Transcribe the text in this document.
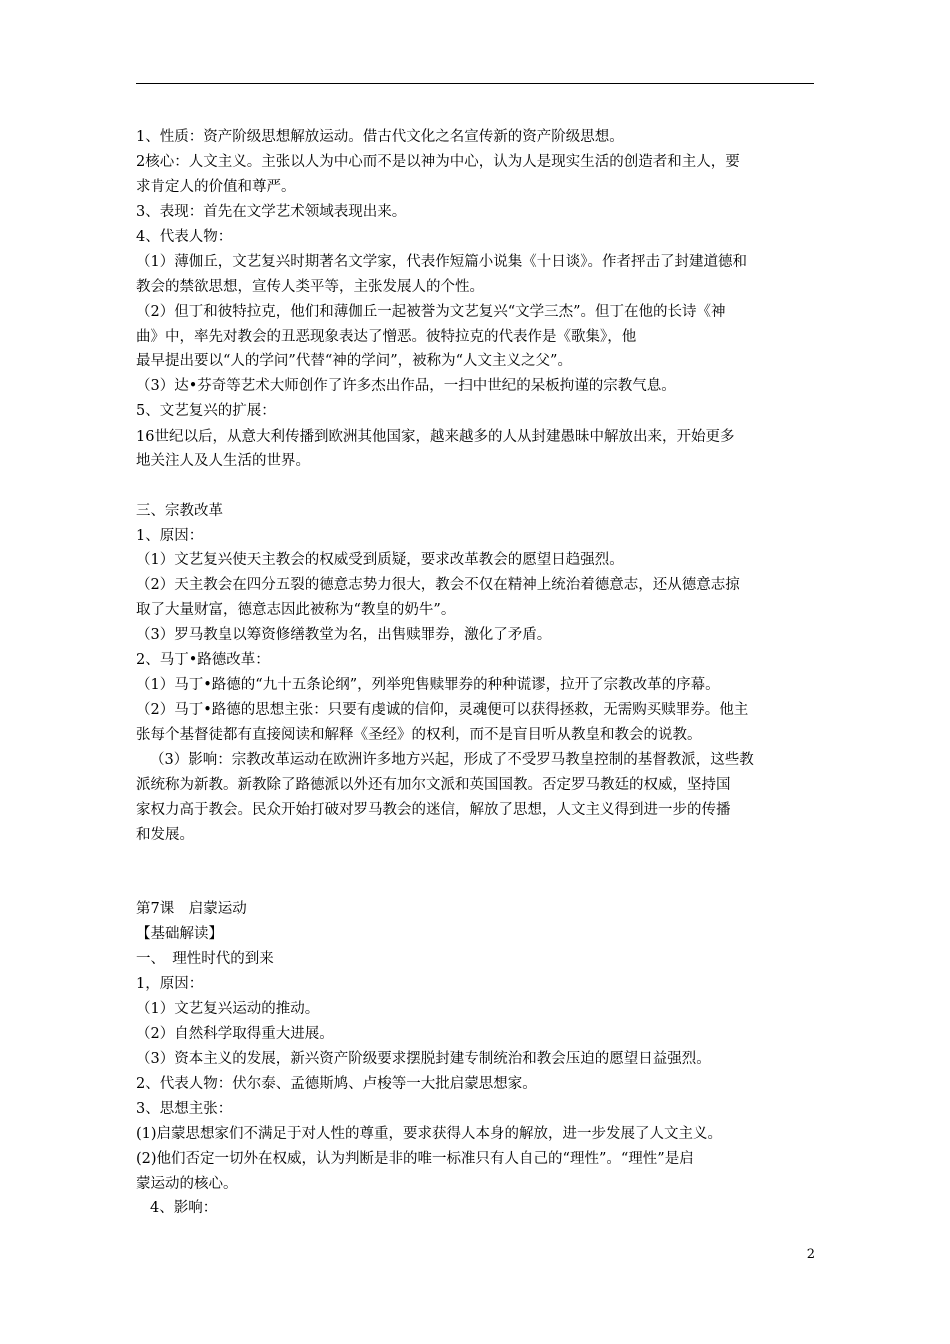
1、性质：资产阶级思想解放运动。借古代文化之名宣传新的资产阶级思想。
2核心：人文主义。主张以人为中心而不是以神为中心，认为人是现实生活的创造者和主人，要
求肯定人的价值和尊严。
3、表现：首先在文学艺术领域表现出来。
4、代表人物：
（1）薄伽丘，文艺复兴时期著名文学家，代表作短篇小说集《十日谈》。作者抨击了封建道德和
教会的禁欲思想，宣传人类平等，主张发展人的个性。
（2）但丁和彼特拉克，他们和薄伽丘一起被誉为文艺复兴“文学三杰”。但丁在他的长诗《神
曲》中，率先对教会的丑恶现象表达了憎恶。彼特拉克的代表作是《歌集》，他
最早提出要以“人的学问”代替“神的学问”，被称为“人文主义之父”。
（3）达•芬奇等艺术大师创作了许多杰出作品，一扫中世纪的呆板拘谨的宗教气息。
5、文艺复兴的扩展：
16世纪以后，从意大利传播到欧洲其他国家，越来越多的人从封建愚昧中解放出来，开始更多
地关注人及人生活的世界。
三、宗教改革
1、原因：
（1）文艺复兴使天主教会的权威受到质疑，要求改革教会的愿望日趋强烈。
（2）天主教会在四分五裂的德意志势力很大，教会不仅在精神上统治着德意志，还从德意志掠
取了大量财富，德意志因此被称为“教皇的奶牛”。
（3）罗马教皇以筹资修缮教堂为名，出售赎罪券，激化了矛盾。
2、马丁•路德改革：
（1）马丁•路德的“九十五条论纲”，列举兜售赎罪券的种种谎谬，拉开了宗教改革的序幕。
（2）马丁•路德的思想主张：只要有虔诚的信仰，灵魂便可以获得拯救，无需购买赎罪券。他主
张每个基督徒都有直接阅读和解释《圣经》的权利，而不是盲目听从教皇和教会的说教。
（3）影响：宗教改革运动在欧洲许多地方兴起，形成了不受罗马教皇控制的基督教派，这些教
派统称为新教。新教除了路德派以外还有加尔文派和英国国教。否定罗马教廷的权威，坚持国
家权力高于教会。民众开始打破对罗马教会的迷信，解放了思想，人文主义得到进一步的传播
和发展。
第7课　启蒙运动
【基础解读】
一、　理性时代的到来
1，原因：
（1）文艺复兴运动的推动。
（2）自然科学取得重大进展。
（3）资本主义的发展，新兴资产阶级要求摆脱封建专制统治和教会压迫的愿望日益强烈。
2、代表人物：伏尔泰、孟德斯鸠、卢梭等一大批启蒙思想家。
3、思想主张：
(1)启蒙思想家们不满足于对人性的尊重，要求获得人本身的解放，进一步发展了人文主义。
(2)他们否定一切外在权威，认为判断是非的唯一标准只有人自己的“理性”。“理性”是启
蒙运动的核心。
4、影响：
2
